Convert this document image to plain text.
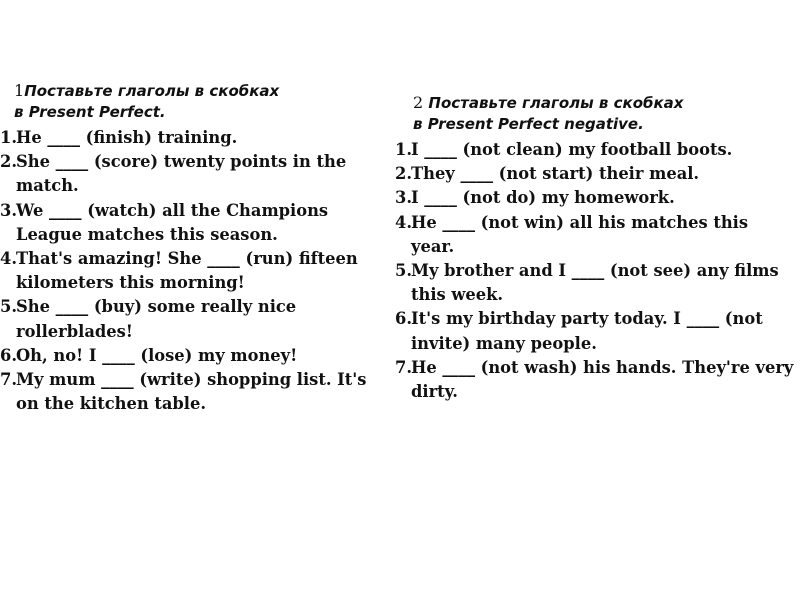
1Поставьте глаголы в скобках
в Present Perfect.

1. He ____ (finish) training.
2. She ____ (score) twenty points in the match.
3. We ____ (watch) all the Champions League matches this season.
4. That's amazing! She ____ (run) fifteen kilometers this morning!
5. She ____ (buy) some really nice rollerblades!
6. Oh, no! I ____ (lose) my money!
7. My mum ____ (write) shopping list. It's on the kitchen table.

2 Поставьте глаголы в скобках
в Present Perfect negative.

1. I ____ (not clean) my football boots.
2. They ____ (not start) their meal.
3. I ____ (not do) my homework.
4. He ____ (not win) all his matches this year.
5. My brother and I ____ (not see) any films this week.
6. It's my birthday party today. I ____ (not invite) many people.
7. He ____ (not wash) his hands. They're very dirty.
